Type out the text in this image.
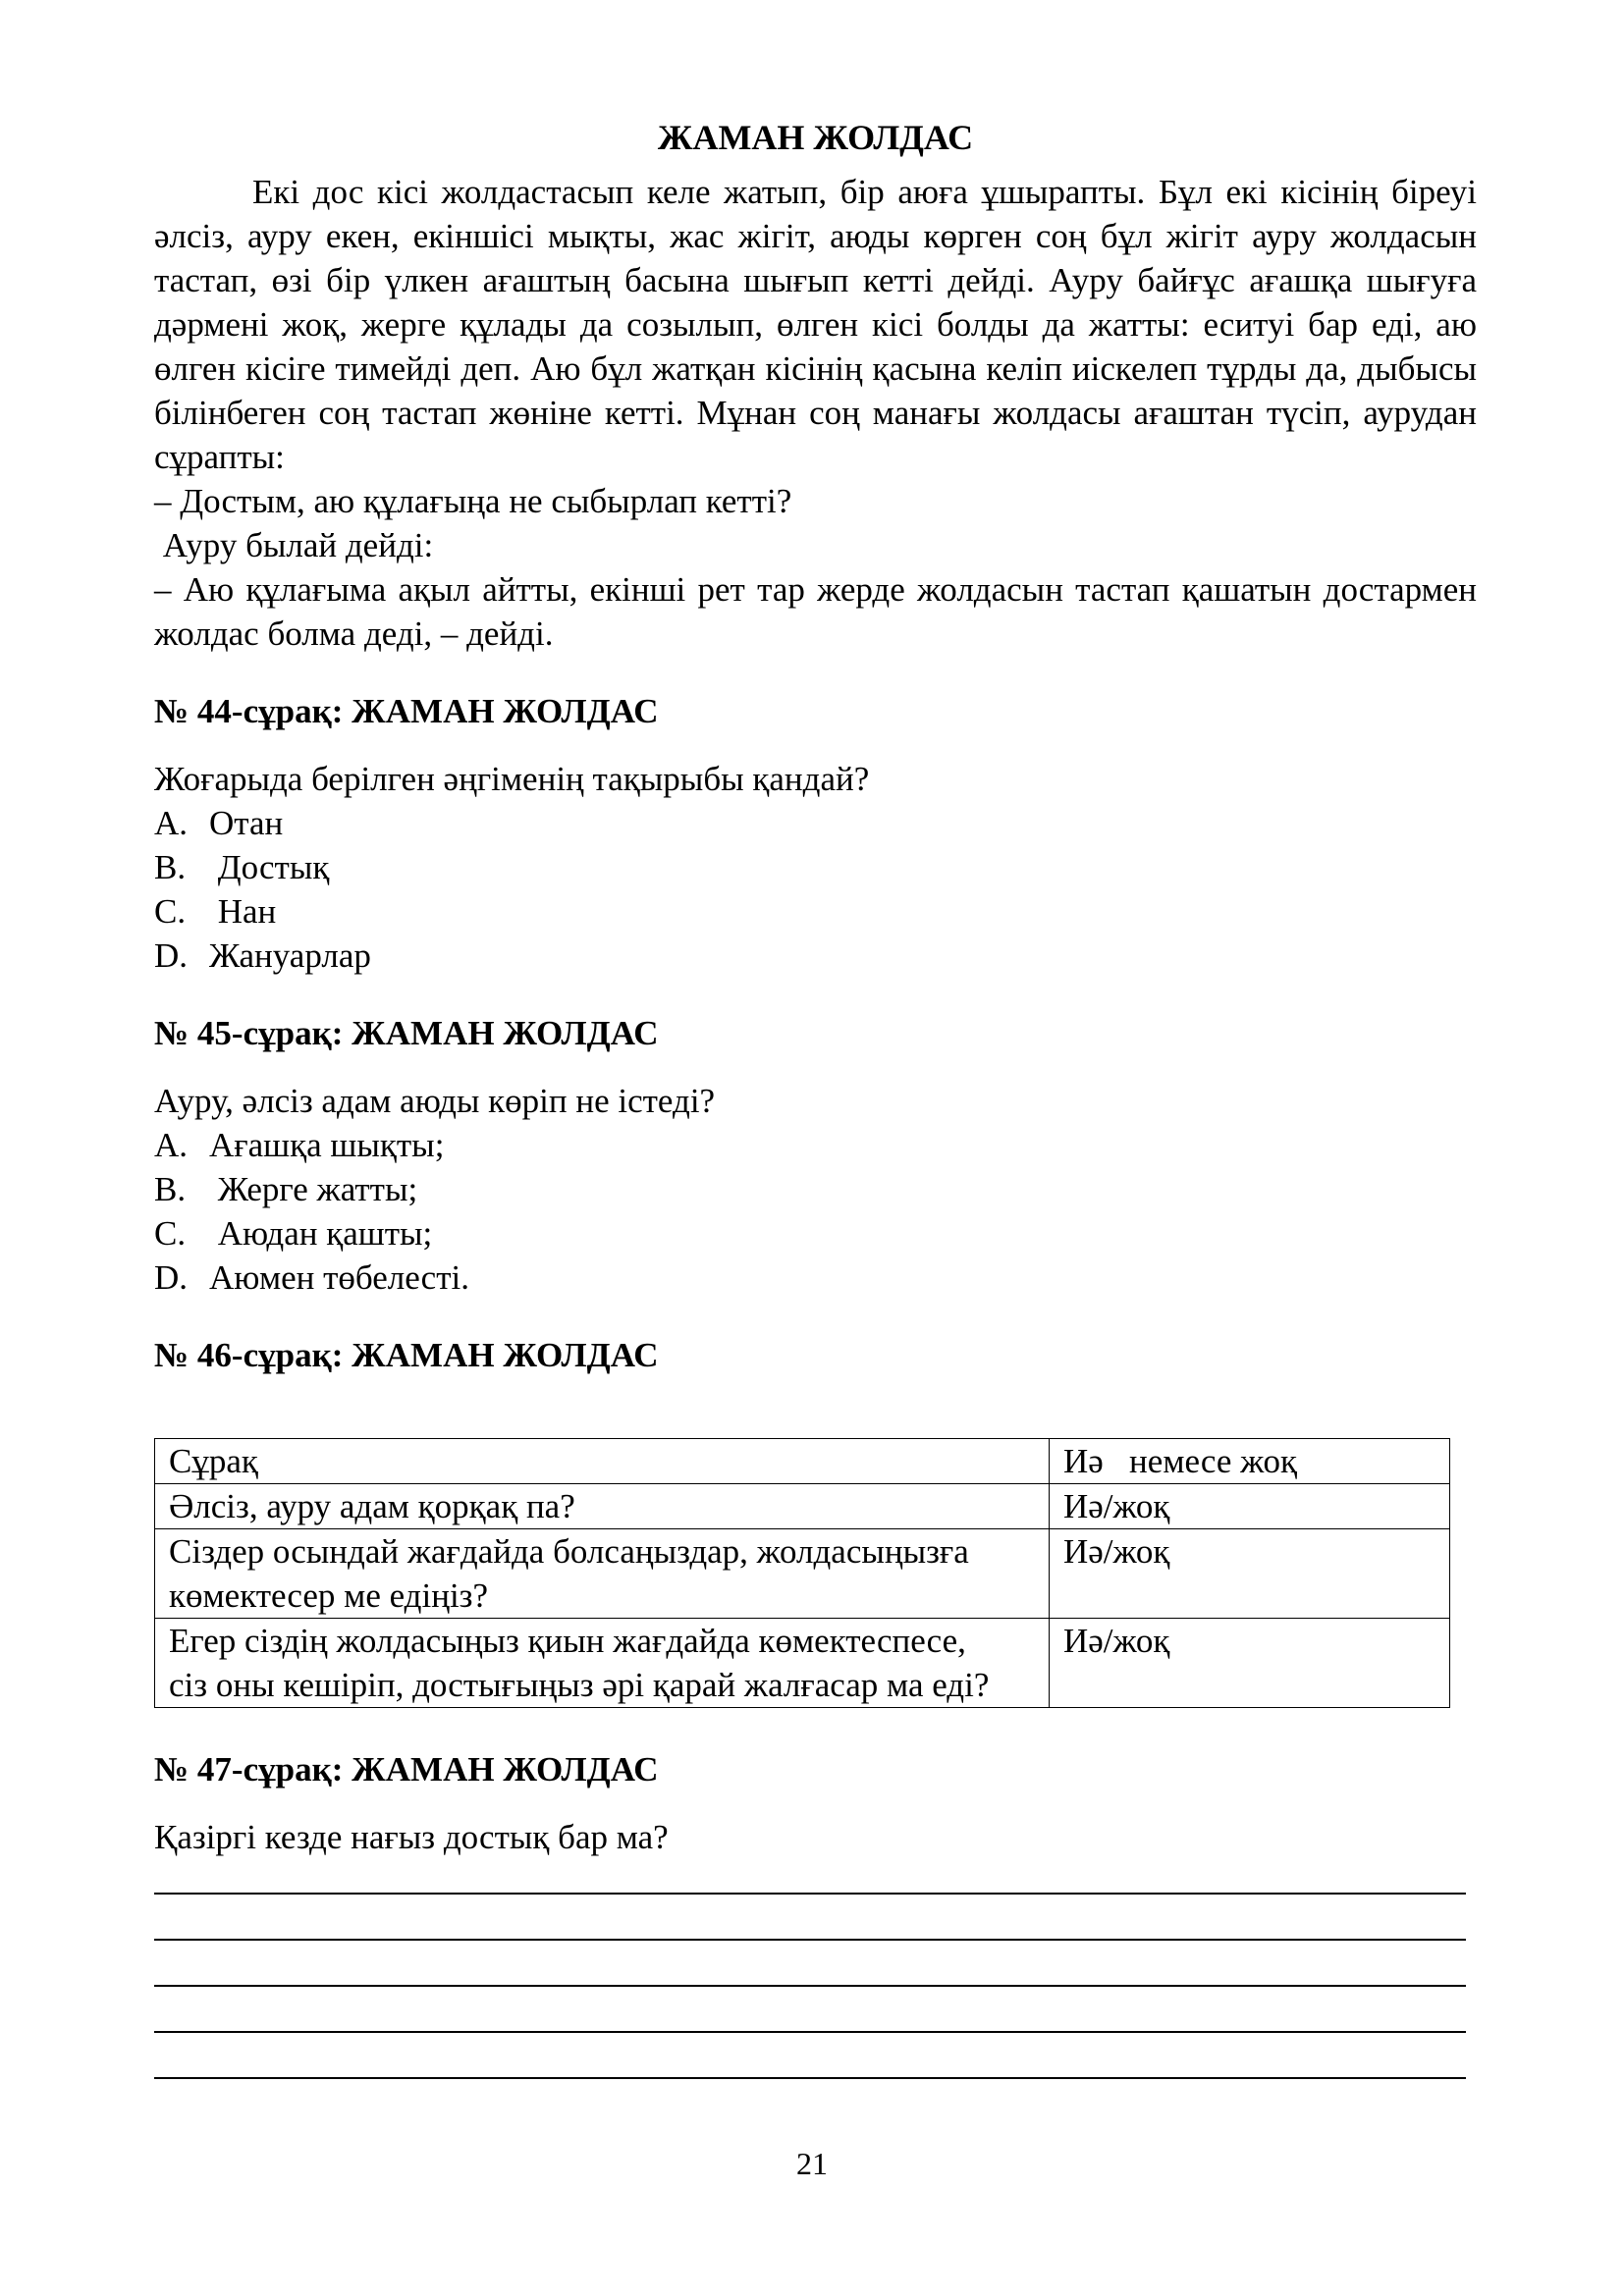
ЖАМАН ЖОЛДАС

Екі дос кісі жолдастасып келе жатып, бір аюға ұшырапты. Бұл екі кісінің біреуі әлсіз, ауру екен, екіншісі мықты, жас жігіт, аюды көрген соң бұл жігіт ауру жолдасын тастап, өзі бір үлкен ағаштың басына шығып кетті дейді. Ауру байғұс ағашқа шығуға дәрмені жоқ, жерге құлады да созылып, өлген кісі болды да жатты: еситуі бар еді, аю өлген кісіге тимейді деп. Аю бұл жатқан кісінің қасына келіп иіскелеп тұрды да, дыбысы білінбеген соң тастап жөніне кетті. Мұнан соң манағы жолдасы ағаштан түсіп, аурудан сұрапты:

– Достым, аю құлағыңа не сыбырлап кетті?

Ауру былай дейді:

– Аю құлағыма ақыл айтты, екінші рет тар жерде жолдасын тастап қашатын достармен жолдас болма деді, – дейді.

№ 44-сұрақ: ЖАМАН ЖОЛДАС

Жоғарыда берілген әңгіменің тақырыбы қандай?

A. Отан
B. Достық
C. Нан
D. Жануарлар
№ 45-сұрақ: ЖАМАН ЖОЛДАС

Ауру, әлсіз адам аюды көріп не істеді?

A. Ағашқа шықты;
B. Жерге жатты;
C. Аюдан қашты;
D. Аюмен төбелесті.
№ 46-сұрақ: ЖАМАН ЖОЛДАС
Сұрақ	Иә   немесе жоқ
Әлсіз, ауру адам қорқақ па?	Иә/жоқ
Сіздер осындай жағдайда болсаңыздар, жолдасыңызға көмектесер ме едіңіз?	Иә/жоқ
Егер сіздің жолдасыңыз қиын жағдайда көмектеспесе, сіз оны кешіріп, достығыңыз әрі қарай жалғасар ма еді?	Иә/жоқ
№ 47-сұрақ: ЖАМАН ЖОЛДАС

Қазіргі кезде нағыз достық бар ма?

21
